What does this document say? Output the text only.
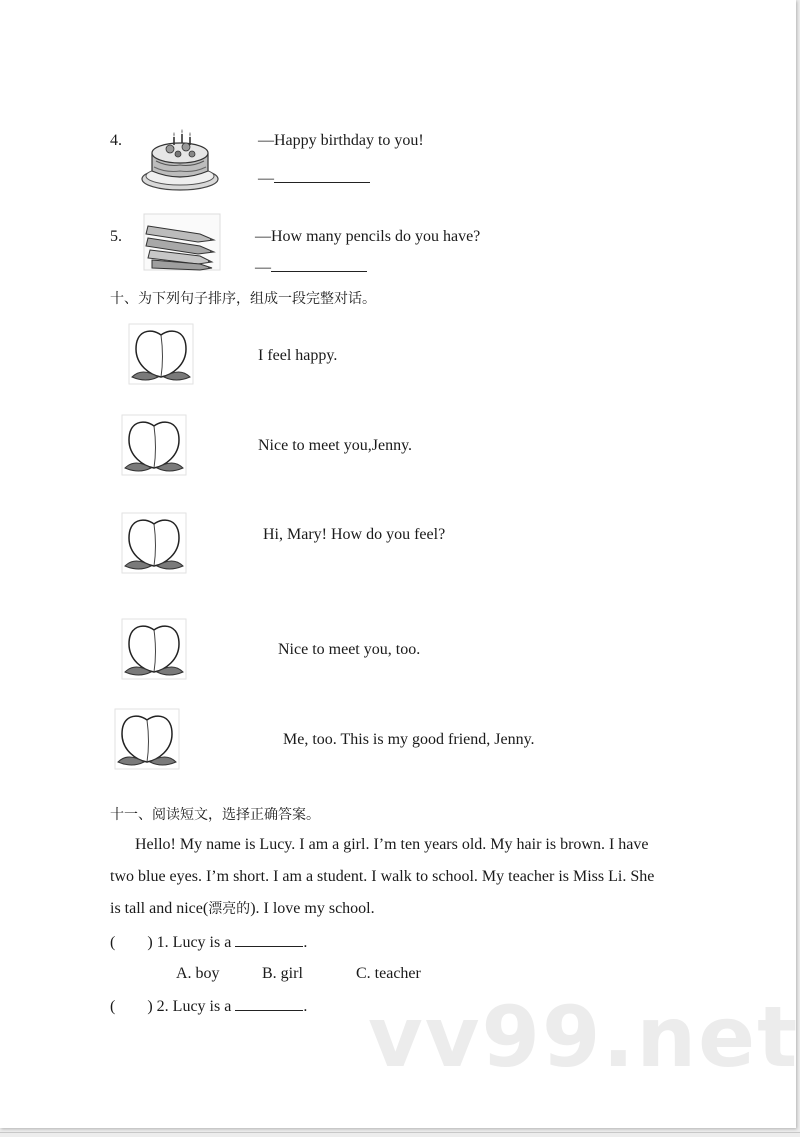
4.	—Happy birthday to you!
—
5.	—How many pencils do you have?
—
十、为下列句子排序，组成一段完整对话。
I feel happy.
Nice to meet you,Jenny.
Hi, Mary! How do you feel?
Nice to meet you, too.
Me, too. This is my good friend, Jenny.
十一、阅读短文，选择正确答案。
Hello! My name is Lucy. I am a girl. I’m ten years old. My hair is brown. I have
two blue eyes. I’m short. I am a student. I walk to school. My teacher is Miss Li. She
is tall and nice(漂亮的). I love my school.
(　　) 1. Lucy is a	.
A. boy	B. girl	C. teacher
(　　) 2. Lucy is a	. vv99.net
